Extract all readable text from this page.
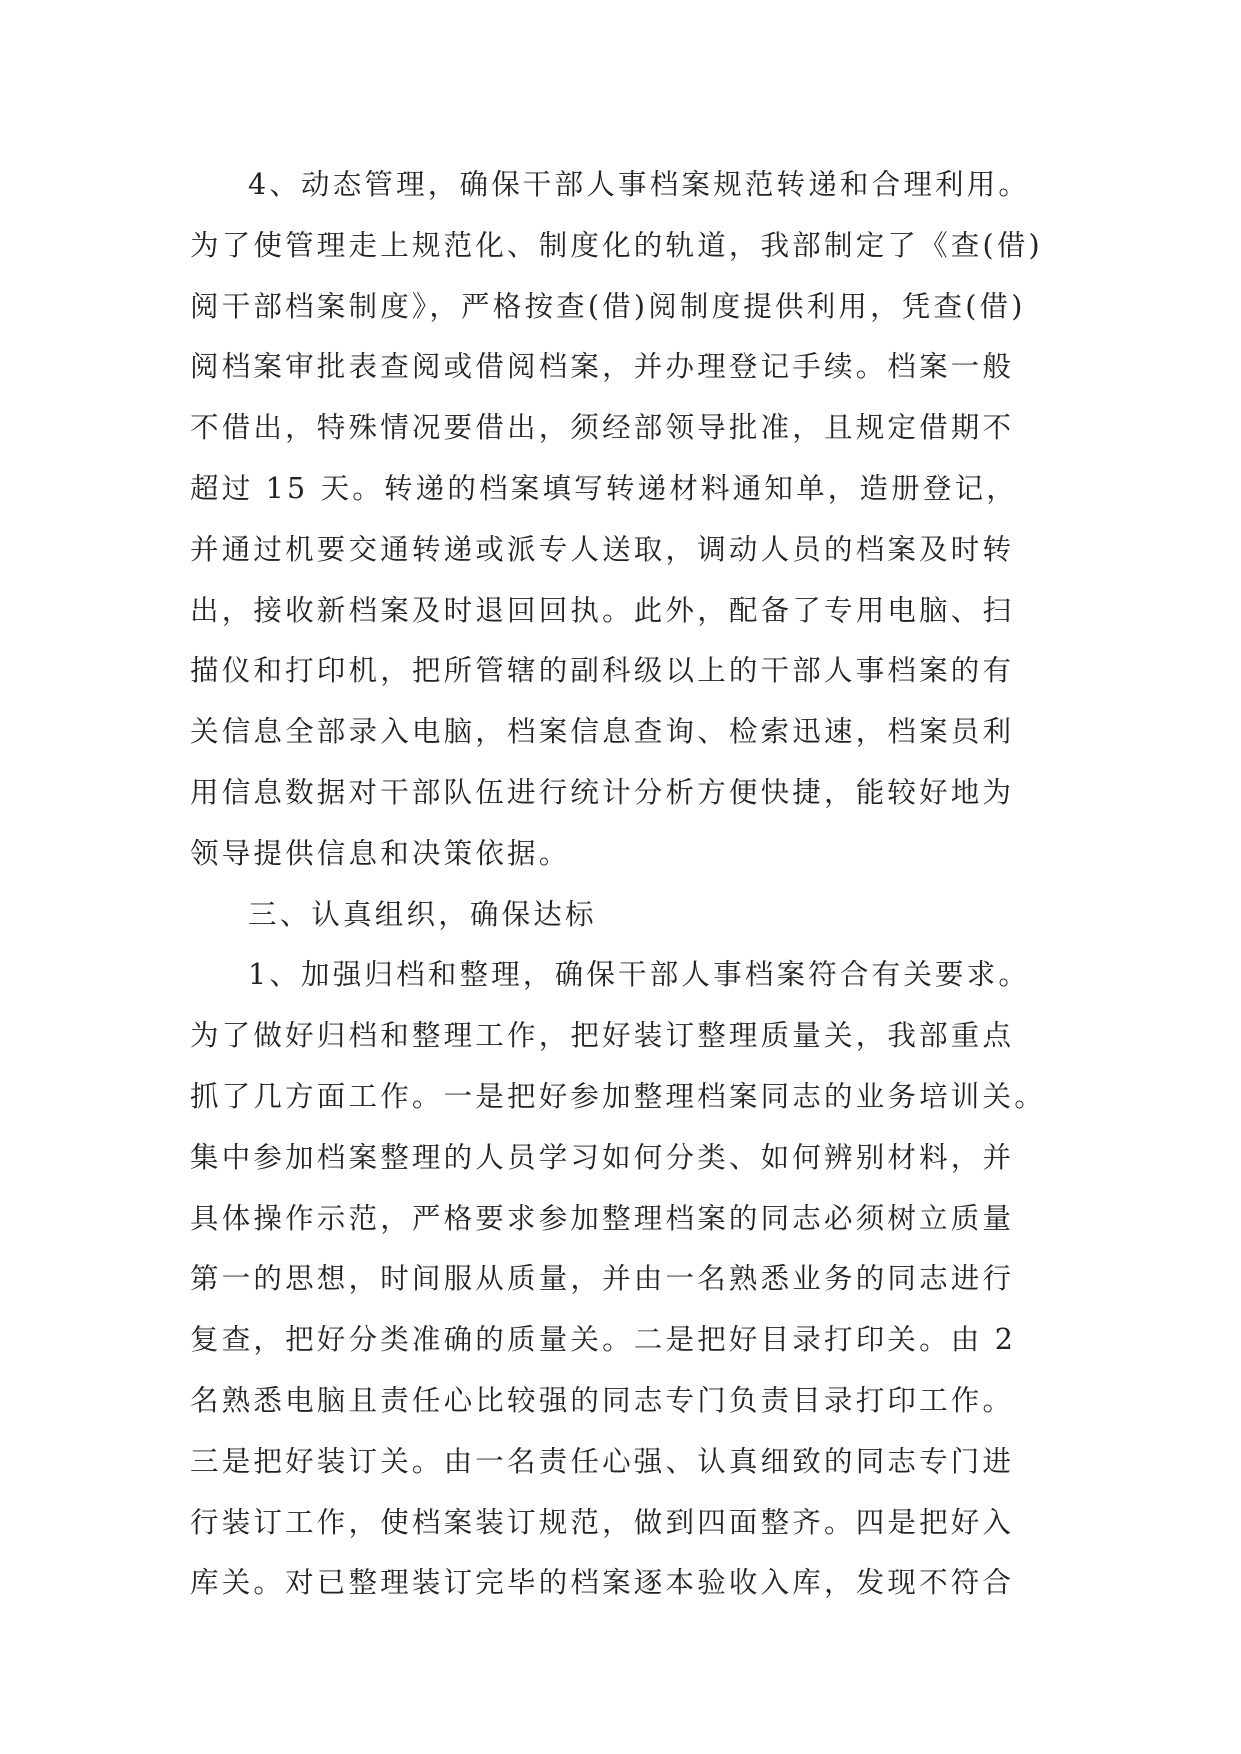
4、动态管理，确保干部人事档案规范转递和合理利用。
为了使管理走上规范化、制度化的轨道，我部制定了《查(借)
阅干部档案制度》，严格按查(借)阅制度提供利用，凭查(借)
阅档案审批表查阅或借阅档案，并办理登记手续。档案一般
不借出，特殊情况要借出，须经部领导批准，且规定借期不
超过 15 天。转递的档案填写转递材料通知单，造册登记，
并通过机要交通转递或派专人送取，调动人员的档案及时转
出，接收新档案及时退回回执。此外，配备了专用电脑、扫
描仪和打印机，把所管辖的副科级以上的干部人事档案的有
关信息全部录入电脑，档案信息查询、检索迅速，档案员利
用信息数据对干部队伍进行统计分析方便快捷，能较好地为
领导提供信息和决策依据。
三、认真组织，确保达标
1、加强归档和整理，确保干部人事档案符合有关要求。
为了做好归档和整理工作，把好装订整理质量关，我部重点
抓了几方面工作。一是把好参加整理档案同志的业务培训关。
集中参加档案整理的人员学习如何分类、如何辨别材料，并
具体操作示范，严格要求参加整理档案的同志必须树立质量
第一的思想，时间服从质量，并由一名熟悉业务的同志进行
复查，把好分类准确的质量关。二是把好目录打印关。由 2
名熟悉电脑且责任心比较强的同志专门负责目录打印工作。
三是把好装订关。由一名责任心强、认真细致的同志专门进
行装订工作，使档案装订规范，做到四面整齐。四是把好入
库关。对已整理装订完毕的档案逐本验收入库，发现不符合
